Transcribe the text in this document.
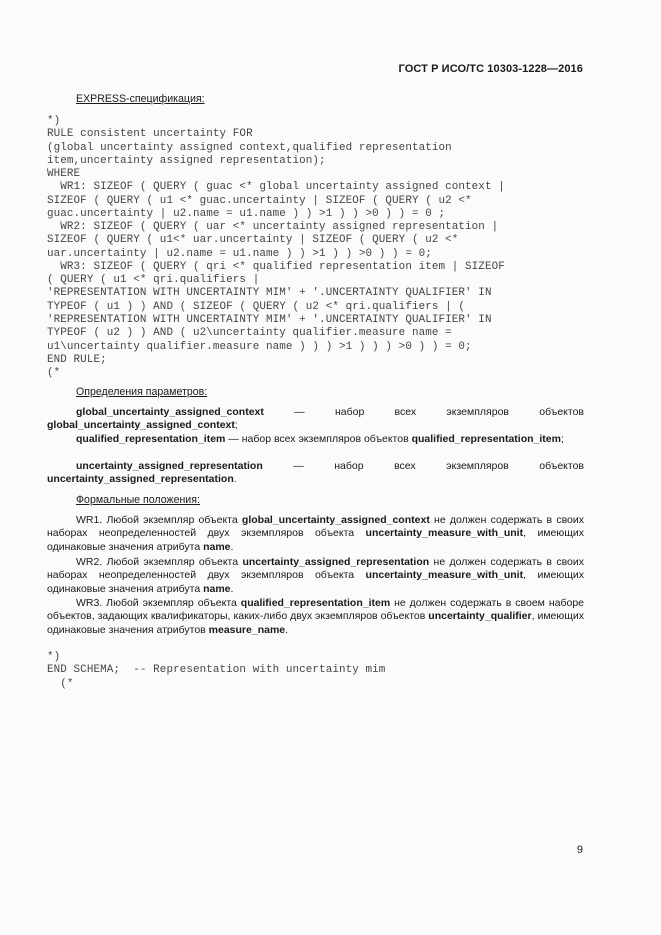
ГОСТ Р ИСО/ТС 10303-1228—2016
EXPRESS-спецификация:
*)
RULE consistent uncertainty FOR
(global uncertainty assigned context,qualified representation
item,uncertainty assigned representation);
WHERE
WR1: SIZEOF ( QUERY ( guac <* global uncertainty assigned context |
SIZEOF ( QUERY ( u1 <* guac.uncertainty | SIZEOF ( QUERY ( u2 <*
guac.uncertainty | u2.name = u1.name ) ) >1 ) ) >0 ) ) = 0 ;
WR2: SIZEOF ( QUERY ( uar <* uncertainty assigned representation |
SIZEOF ( QUERY ( u1<* uar.uncertainty | SIZEOF ( QUERY ( u2 <*
uar.uncertainty | u2.name = u1.name ) ) >1 ) ) >0 ) ) = 0;
WR3: SIZEOF ( QUERY ( qri <* qualified representation item | SIZEOF
( QUERY ( u1 <* qri.qualifiers |
'REPRESENTATION WITH UNCERTAINTY MIM' + '.UNCERTAINTY QUALIFIER' IN
TYPEOF ( u1 ) ) AND ( SIZEOF ( QUERY ( u2 <* qri.qualifiers | (
'REPRESENTATION WITH UNCERTAINTY MIM' + '.UNCERTAINTY QUALIFIER' IN
TYPEOF ( u2 ) ) AND ( u2\uncertainty qualifier.measure name =
u1\uncertainty qualifier.measure name ) ) ) >1 ) ) ) >0 ) ) = 0;
END RULE;
(*
Определения параметров:

global_uncertainty_assigned_context — набор всех экземпляров объектов global_uncertainty_assigned_context;

qualified_representation_item — набор всех экземпляров объектов qualified_representation_item;

uncertainty_assigned_representation — набор всех экземпляров объектов uncertainty_assigned_representation.

Формальные положения:

WR1. Любой экземпляр объекта global_uncertainty_assigned_context не должен содержать в своих наборах неопределенностей двух экземпляров объекта uncertainty_measure_with_unit, имеющих одинаковые значения атрибута name.

WR2. Любой экземпляр объекта uncertainty_assigned_representation не должен содержать в своих наборах неопределенностей двух экземпляров объекта uncertainty_measure_with_unit, имеющих одинаковые значения атрибута name.

WR3. Любой экземпляр объекта qualified_representation_item не должен содержать в своем наборе объектов, задающих квалификаторы, каких-либо двух экземпляров объектов uncertainty_qualifier, имеющих одинаковые значения атрибутов measure_name.

*)
END SCHEMA;  -- Representation with uncertainty mim
(*
9
